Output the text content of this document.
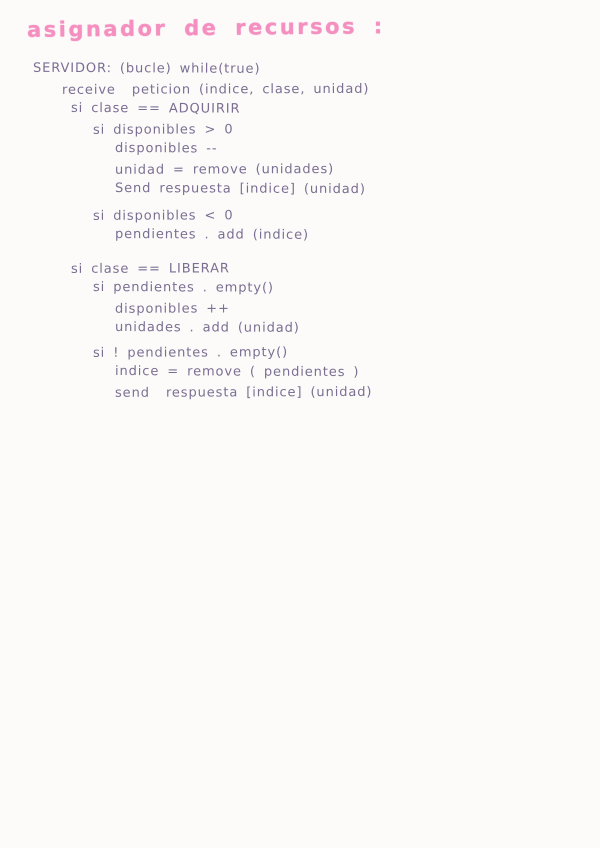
asignador de recursos :
SERVIDOR: (bucle) while(true)
receive  peticion (indice, clase, unidad)
si clase == ADQUIRIR
si disponibles > 0
disponibles --
unidad = remove (unidades)
Send respuesta [indice] (unidad)
si disponibles < 0
pendientes . add (indice)
si clase == LIBERAR
si pendientes . empty()
disponibles ++
unidades . add (unidad)
si ! pendientes . empty()
indice = remove ( pendientes )
send  respuesta [indice] (unidad)
